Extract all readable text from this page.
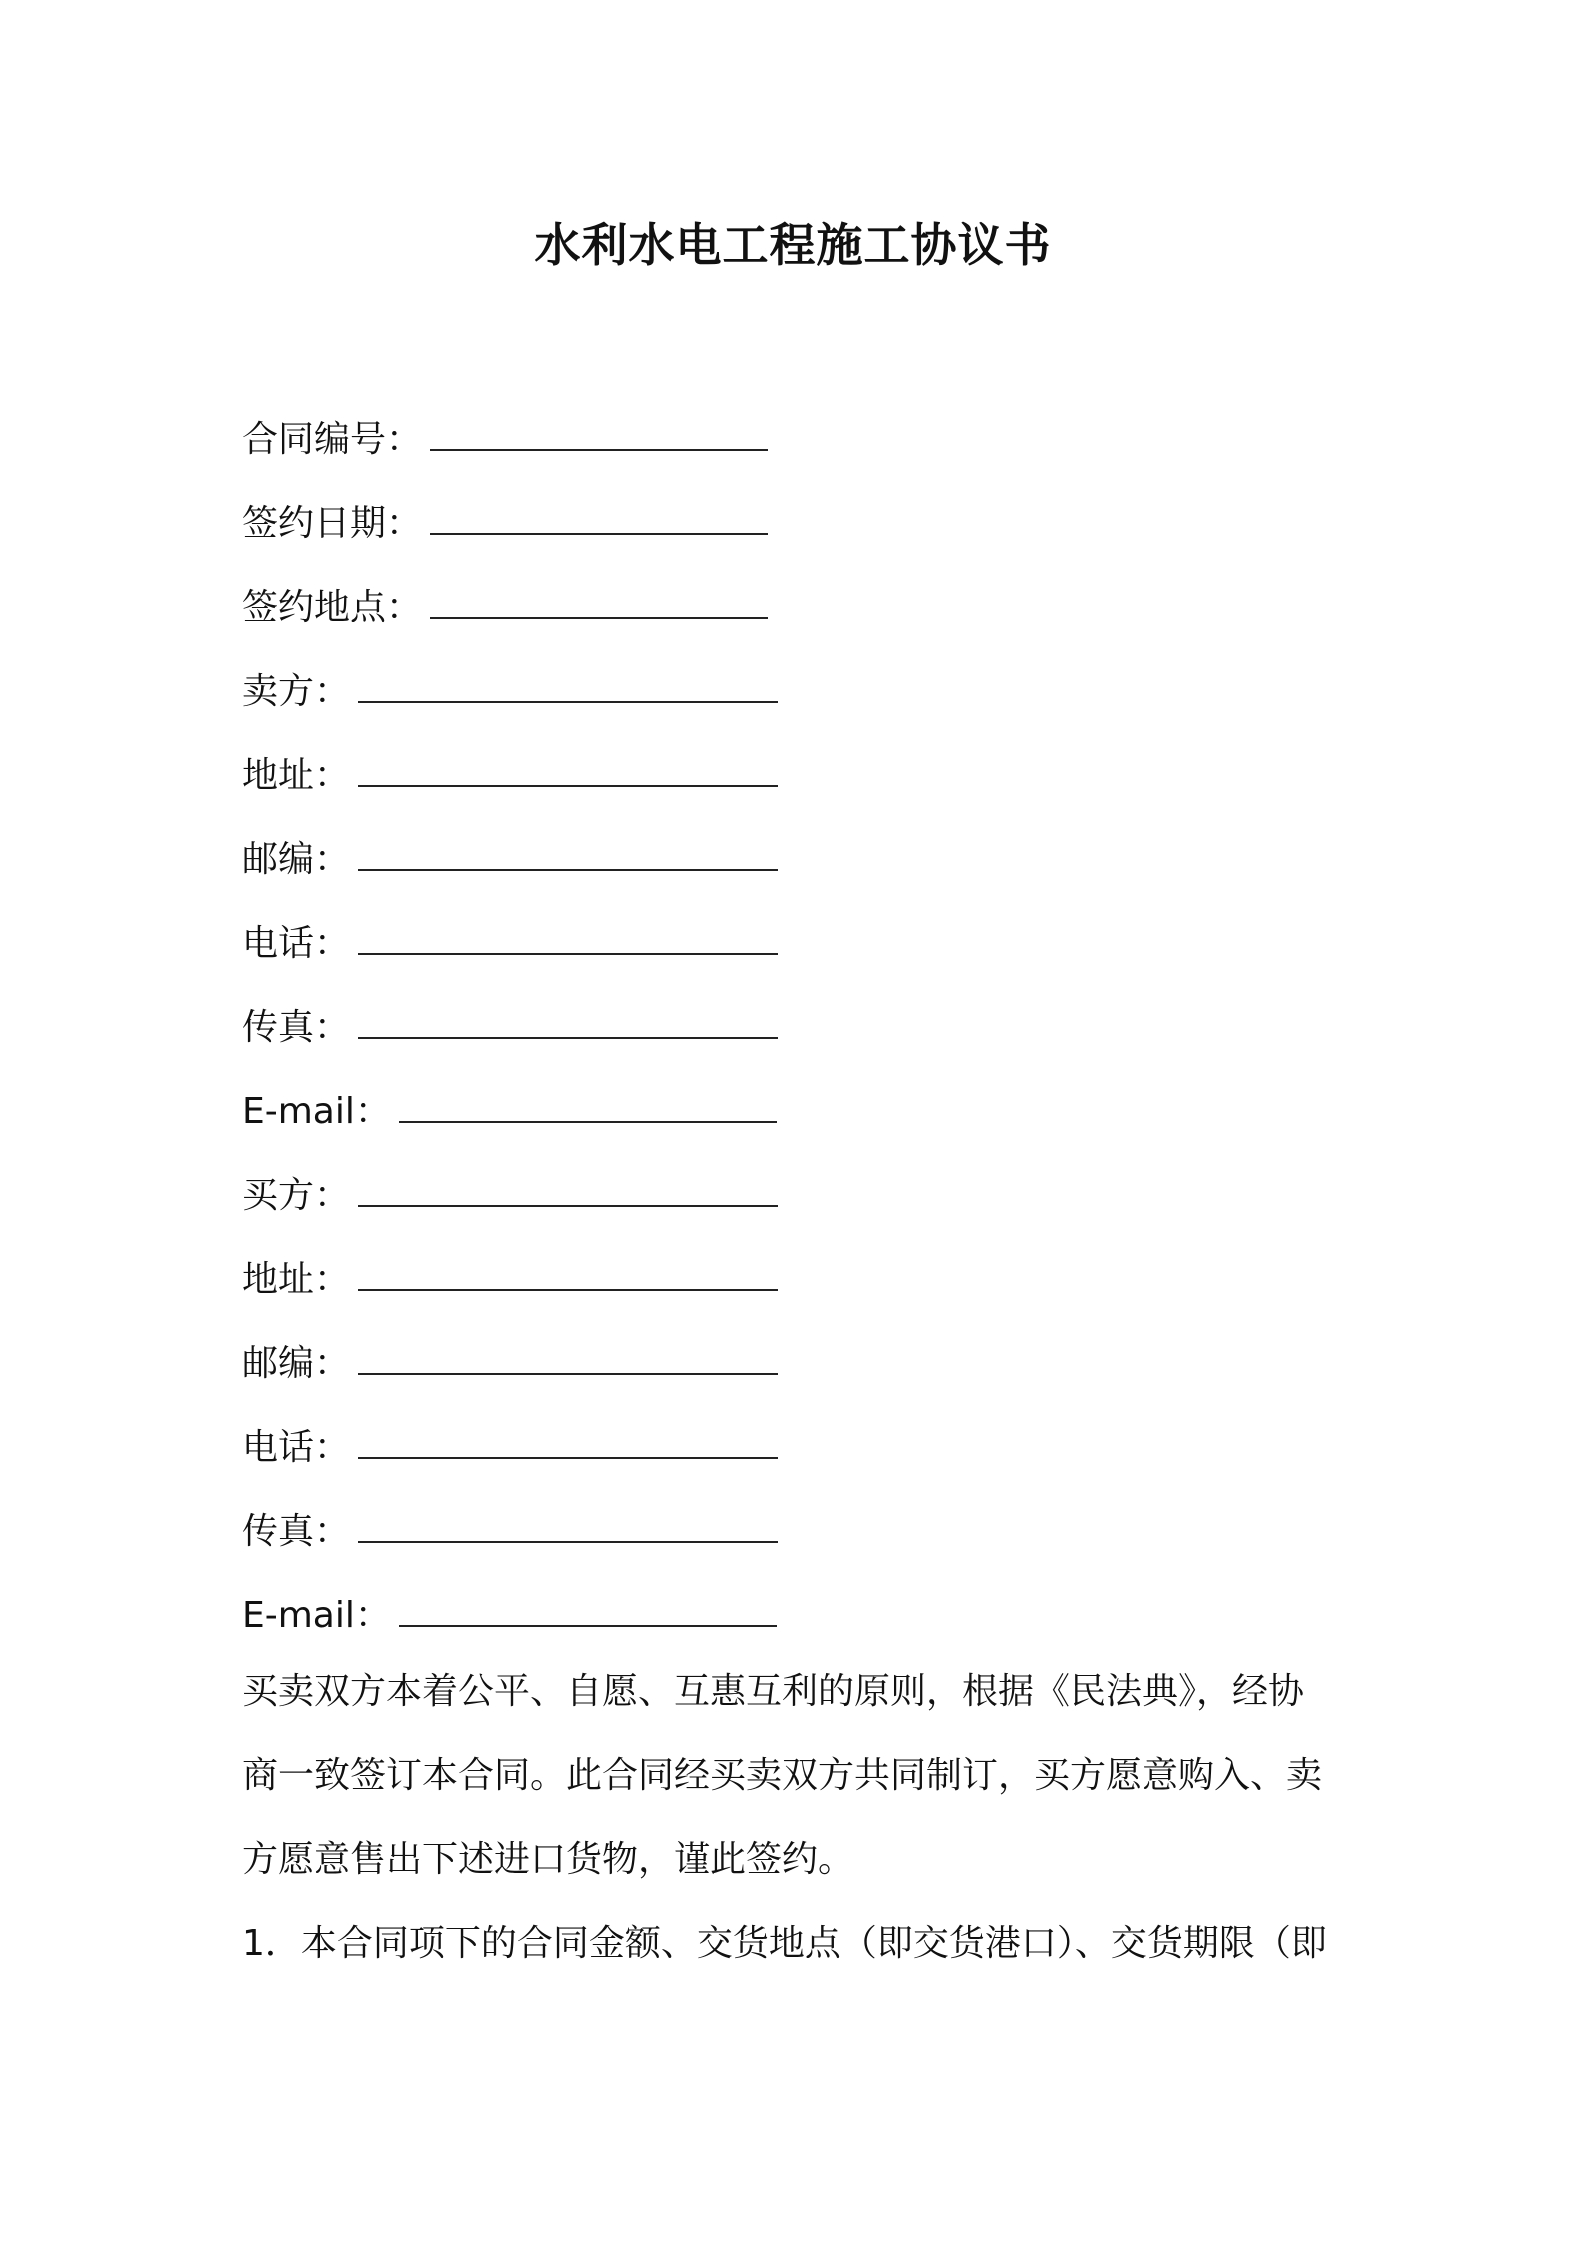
水利水电工程施工协议书
合同编号：
签约日期：
签约地点：
卖方：
地址：
邮编：
电话：
传真：
E-mail：
买方：
地址：
邮编：
电话：
传真：
E-mail：
买卖双方本着公平、自愿、互惠互利的原则，根据《民法典》，经协
商一致签订本合同。此合同经买卖双方共同制订，买方愿意购入、卖
方愿意售出下述进口货物，谨此签约。
1．本合同项下的合同金额、交货地点（即交货港口）、交货期限（即
